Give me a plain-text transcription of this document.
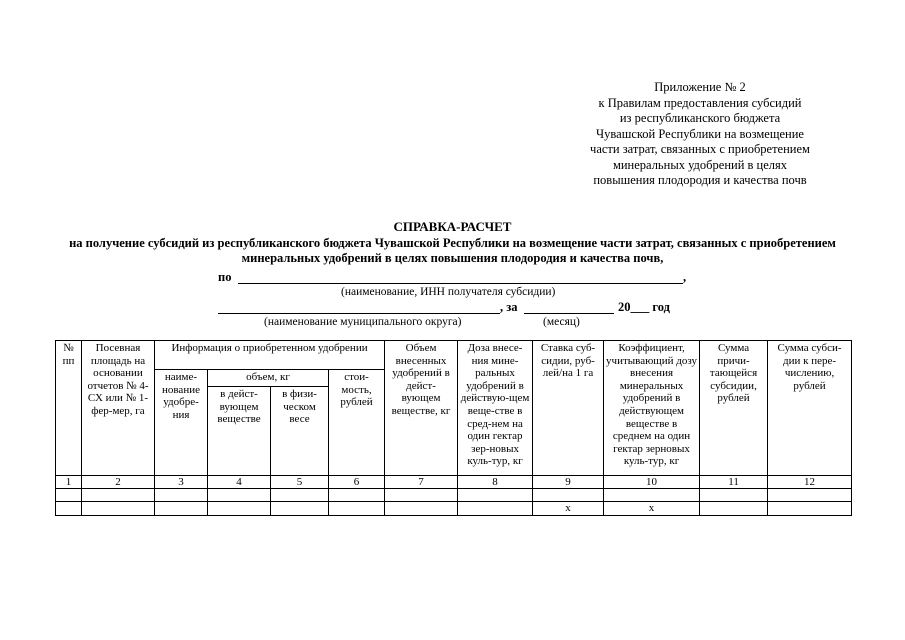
Приложение № 2
к Правилам предоставления субсидий
из республиканского бюджета
Чувашской Республики на возмещение
части затрат, связанных с приобретением
минеральных удобрений в целях
повышения плодородия и качества почв
СПРАВКА-РАСЧЕТ
на получение субсидий из республиканского бюджета Чувашской Республики на возмещение части затрат, связанных с приобретением минеральных удобрений в целях повышения плодородия и качества почв,
по	,
(наименование, ИНН получателя субсидии)
, за	20___ год
(наименование муниципального округа)	(месяц)
№ пп	Посевная площадь на основании отчетов № 4-СХ или № 1-фер-мер, га	Информация о приобретенном удобрении				Объем внесенных удобрений в дейст-вующем веществе, кг	Доза внесе-ния мине-ральных удобрений в действую-щем веще-стве в сред-нем на один гектар зер-новых куль-тур, кг	Ставка суб-сидии, руб-лей/на 1 га	Коэффициент, учитывающий дозу внесения минеральных удобрений в действующем веществе в среднем на один гектар зерновых куль-тур, кг	Сумма причи-тающейся субсидии, рублей	Сумма субси-дии к пере-числению, рублей
		наиме-нование удобре-ния	объем, кг		стои-мость, рублей						
			в дейст-вующем веществе	в физи-ческом весе							
1	2	3	4	5	6	7	8	9	10	11	12

								х	х		
